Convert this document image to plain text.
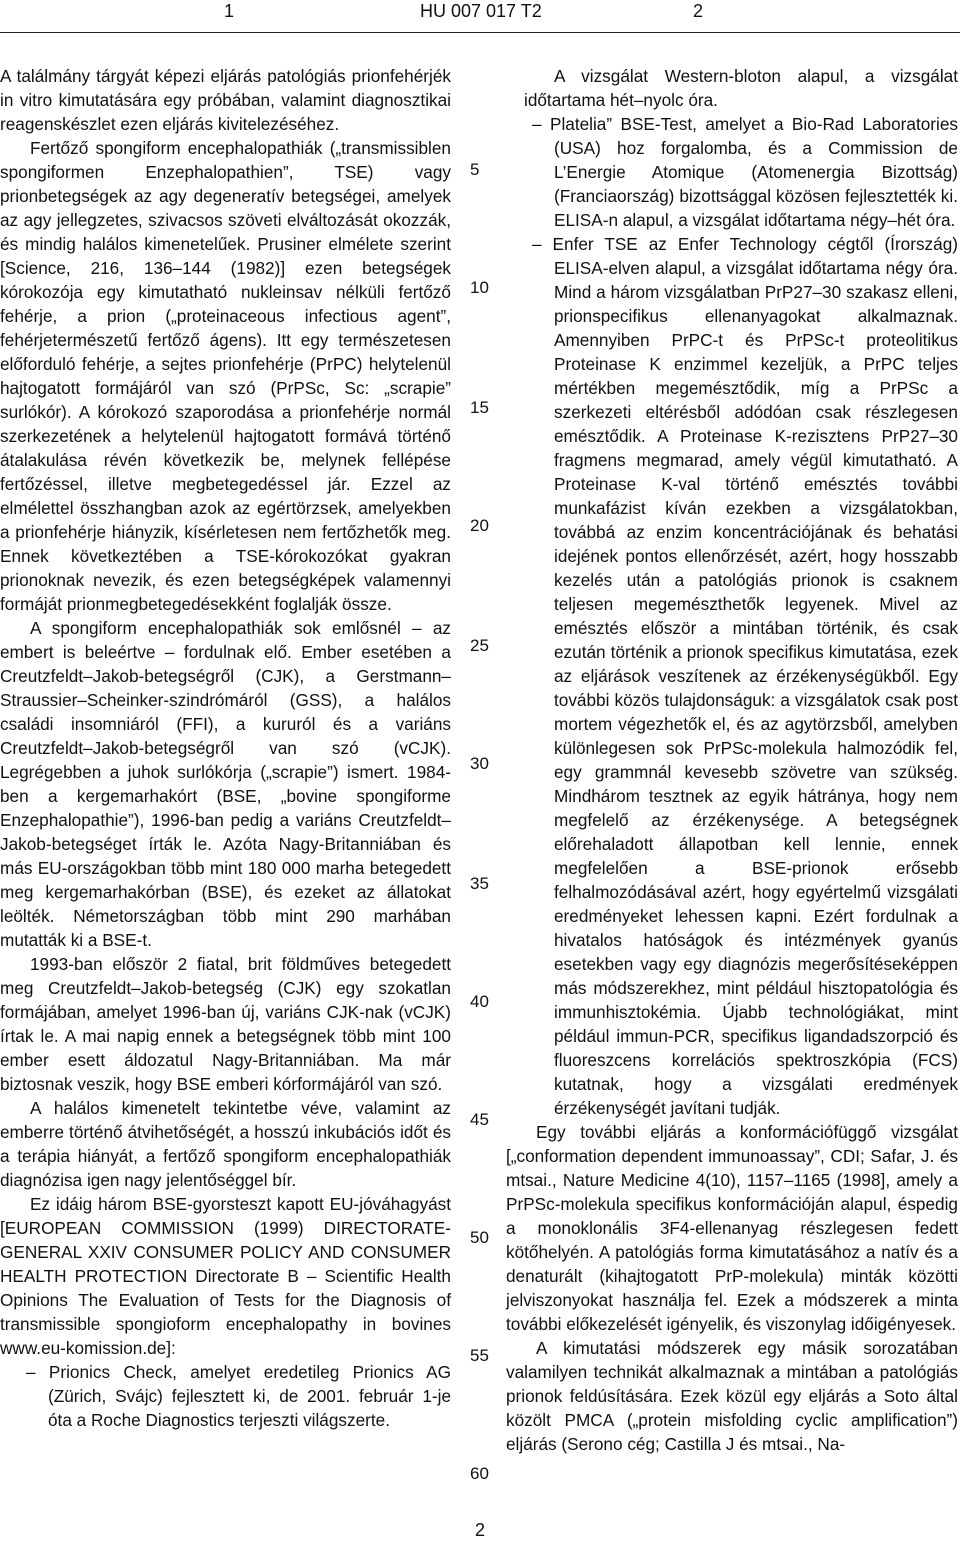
1	HU 007 017 T2	2

A találmány tárgyát képezi eljárás patológiás prionfehérjék in vitro kimutatására egy próbában, valamint diagnosztikai reagenskészlet ezen eljárás kivitelezéséhez.

Fertőző spongiform encephalopathiák („transmissiblen spongiformen Enzephalopathien”, TSE) vagy prionbetegségek az agy degeneratív betegségei, amelyek az agy jellegzetes, szivacsos szöveti elváltozását okozzák, és mindig halálos kimenetelűek. Prusiner elmélete szerint [Science, 216, 136–144 (1982)] ezen betegségek kórokozója egy kimutatható nukleinsav nélküli fertőző fehérje, a prion („proteinaceous infectious agent”, fehérjetermészetű fertőző ágens). Itt egy természetesen előforduló fehérje, a sejtes prionfehérje (PrPC) helytelenül hajtogatott formájáról van szó (PrPSc, Sc: „scrapie” surlókór). A kórokozó szaporodása a prionfehérje normál szerkezetének a helytelenül hajtogatott formává történő átalakulása révén következik be, melynek fellépése fertőzéssel, illetve megbetegedéssel jár. Ezzel az elmélettel összhangban azok az egértörzsek, amelyekben a prionfehérje hiányzik, kísérletesen nem fertőzhetők meg. Ennek következtében a TSE-kórokozókat gyakran prionoknak nevezik, és ezen betegségképek valamennyi formáját prionmegbetegedésekként foglalják össze.

A spongiform encephalopathiák sok emlősnél – az embert is beleértve – fordulnak elő. Ember esetében a Creutzfeldt–Jakob-betegségről (CJK), a Gerstmann–Straussier–Scheinker-szindrómáról (GSS), a halálos családi insomniáról (FFI), a kururól és a variáns Creutzfeldt–Jakob-betegségről van szó (vCJK). Legrégebben a juhok surlókórja („scrapie”) ismert. 1984-ben a kergemarhakórt (BSE, „bovine spongiforme Enzephalopathie”), 1996-ban pedig a variáns Creutzfeldt–Jakob-betegséget írták le. Azóta Nagy-Britanniában és más EU-országokban több mint 180 000 marha betegedett meg kergemarhakórban (BSE), és ezeket az állatokat leölték. Németországban több mint 290 marhában mutatták ki a BSE-t.

1993-ban először 2 fiatal, brit földműves betegedett meg Creutzfeldt–Jakob-betegség (CJK) egy szokatlan formájában, amelyet 1996-ban új, variáns CJK-nak (vCJK) írtak le. A mai napig ennek a betegségnek több mint 100 ember esett áldozatul Nagy-Britanniában. Ma már biztosnak veszik, hogy BSE emberi kórformájáról van szó.

A halálos kimenetelt tekintetbe véve, valamint az emberre történő átvihetőségét, a hosszú inkubációs időt és a terápia hiányát, a fertőző spongiform encephalopathiák diagnózisa igen nagy jelentőséggel bír.

Ez idáig három BSE-gyorsteszt kapott EU-jóváhagyást [EUROPEAN COMMISSION (1999) DIRECTORATE-GENERAL XXIV CONSUMER POLICY AND CONSUMER HEALTH PROTECTION Directorate B – Scientific Health Opinions The Evaluation of Tests for the Diagnosis of transmissible spongioform encephalopathy in bovines www.eu-komission.de]:

– Prionics Check, amelyet eredetileg Prionics AG (Zürich, Svájc) fejlesztett ki, de 2001. február 1-je óta a Roche Diagnostics terjeszti világszerte.

A vizsgálat Western-bloton alapul, a vizsgálat időtartama hét–nyolc óra.

– Platelia” BSE-Test, amelyet a Bio-Rad Laboratories (USA) hoz forgalomba, és a Commission de L’Energie Atomique (Atomenergia Bizottság) (Franciaország) bizottsággal közösen fejlesztették ki. ELISA-n alapul, a vizsgálat időtartama négy–hét óra.

– Enfer TSE az Enfer Technology cégtől (Írország) ELISA-elven alapul, a vizsgálat időtartama négy óra. Mind a három vizsgálatban PrP27–30 szakasz elleni, prionspecifikus ellenanyagokat alkalmaznak. Amennyiben PrPC-t és PrPSc-t proteolitikus Proteinase K enzimmel kezeljük, a PrPC teljes mértékben megemésztődik, míg a PrPSc a szerkezeti eltérésből adódóan csak részlegesen emésztődik. A Proteinase K-rezisztens PrP27–30 fragmens megmarad, amely végül kimutatható. A Proteinase K-val történő emésztés további munkafázist kíván ezekben a vizsgálatokban, továbbá az enzim koncentrációjának és behatási idejének pontos ellenőrzését, azért, hogy hosszabb kezelés után a patológiás prionok is csaknem teljesen megemészthetők legyenek. Mivel az emésztés először a mintában történik, és csak ezután történik a prionok specifikus kimutatása, ezek az eljárások veszítenek az érzékenységükből. Egy további közös tulajdonságuk: a vizsgálatok csak post mortem végezhetők el, és az agytörzsből, amelyben különlegesen sok PrPSc-molekula halmozódik fel, egy grammnál kevesebb szövetre van szükség. Mindhárom tesztnek az egyik hátránya, hogy nem megfelelő az érzékenysége. A betegségnek előrehaladott állapotban kell lennie, ennek megfelelően a BSE-prionok erősebb felhalmozódásával azért, hogy egyértelmű vizsgálati eredményeket lehessen kapni. Ezért fordulnak a hivatalos hatóságok és intézmények gyanús esetekben vagy egy diagnózis megerősítéseképpen más módszerekhez, mint például hisztopatológia és immunhisztokémia. Újabb technológiákat, mint például immun-PCR, specifikus ligandadszorpció és fluoreszcens korrelációs spektroszkópia (FCS) kutatnak, hogy a vizsgálati eredmények érzékenységét javítani tudják.

Egy további eljárás a konformációfüggő vizsgálat [„conformation dependent immunoassay”, CDI; Safar, J. és mtsai., Nature Medicine 4(10), 1157–1165 (1998], amely a PrPSc-molekula specifikus konformációján alapul, éspedig a monoklonális 3F4-ellenanyag részlegesen fedett kötőhelyén. A patológiás forma kimutatásához a natív és a denaturált (kihajtogatott PrP-molekula) minták közötti jelviszonyokat használja fel. Ezek a módszerek a minta további előkezelését igényelik, és viszonylag időigényesek.

A kimutatási módszerek egy másik sorozatában valamilyen technikát alkalmaznak a mintában a patológiás prionok feldúsítására. Ezek közül egy eljárás a Soto által közölt PMCA („protein misfolding cyclic amplification”) eljárás (Serono cég; Castilla J és mtsai., Na-

5
10
15
20
25
30
35
40
45
50
55
60
2
